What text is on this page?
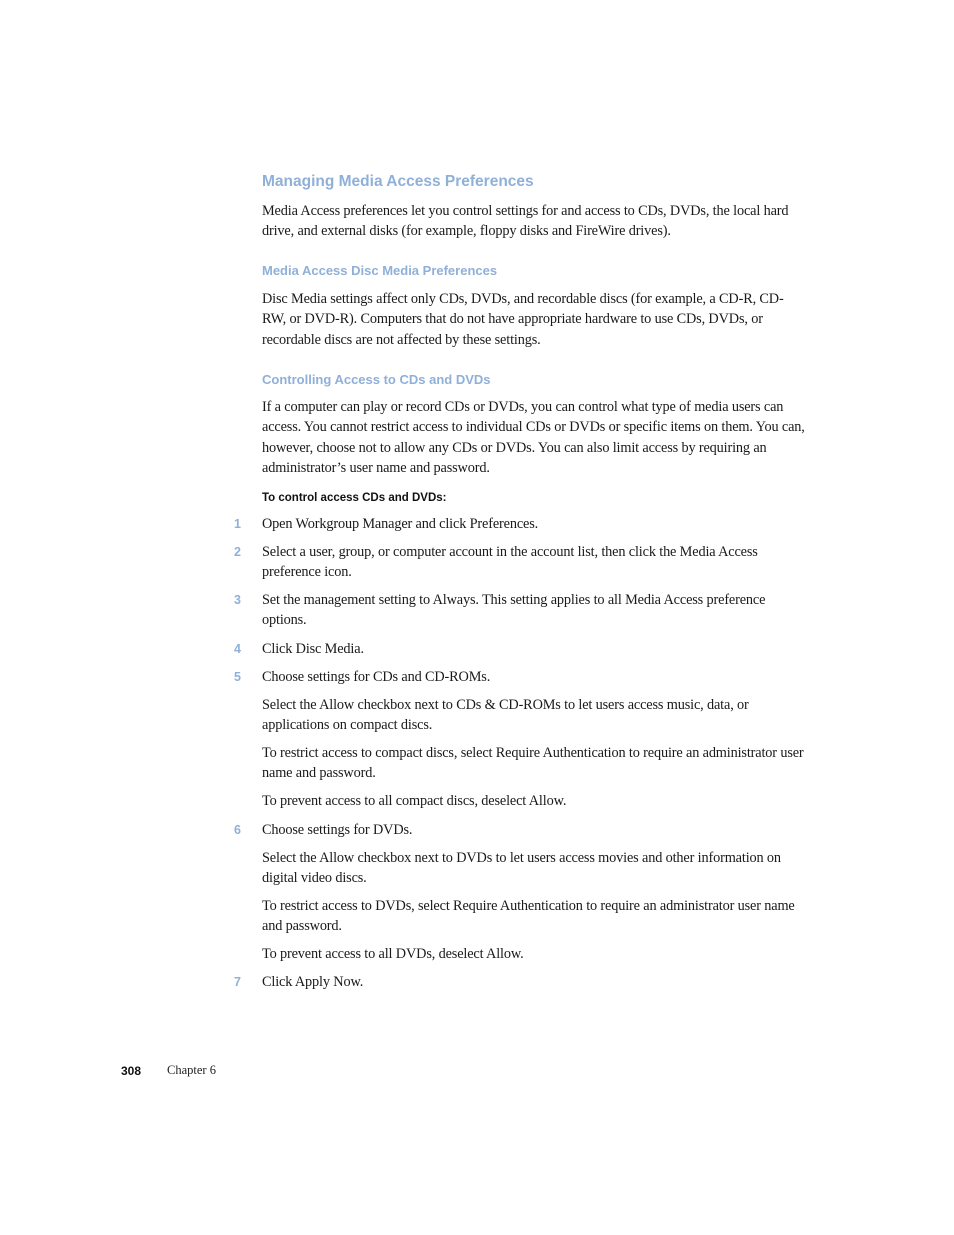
Managing Media Access Preferences

Media Access preferences let you control settings for and access to CDs, DVDs, the local hard drive, and external disks (for example, floppy disks and FireWire drives).

Media Access Disc Media Preferences

Disc Media settings affect only CDs, DVDs, and recordable discs (for example, a CD-R, CD-RW, or DVD-R). Computers that do not have appropriate hardware to use CDs, DVDs, or recordable discs are not affected by these settings.

Controlling Access to CDs and DVDs

If a computer can play or record CDs or DVDs, you can control what type of media users can access. You cannot restrict access to individual CDs or DVDs or specific items on them. You can, however, choose not to allow any CDs or DVDs. You can also limit access by requiring an administrator’s user name and password.

To control access CDs and DVDs:
1 Open Workgroup Manager and click Preferences.

2 Select a user, group, or computer account in the account list, then click the Media Access preference icon.

3 Set the management setting to Always. This setting applies to all Media Access preference options.

4 Click Disc Media.

5 Choose settings for CDs and CD-ROMs.

Select the Allow checkbox next to CDs & CD-ROMs to let users access music, data, or applications on compact discs.

To restrict access to compact discs, select Require Authentication to require an administrator user name and password.

To prevent access to all compact discs, deselect Allow.

6 Choose settings for DVDs.

Select the Allow checkbox next to DVDs to let users access movies and other information on digital video discs.

To restrict access to DVDs, select Require Authentication to require an administrator user name and password.

To prevent access to all DVDs, deselect Allow.

7 Click Apply Now.

308 Chapter 6
